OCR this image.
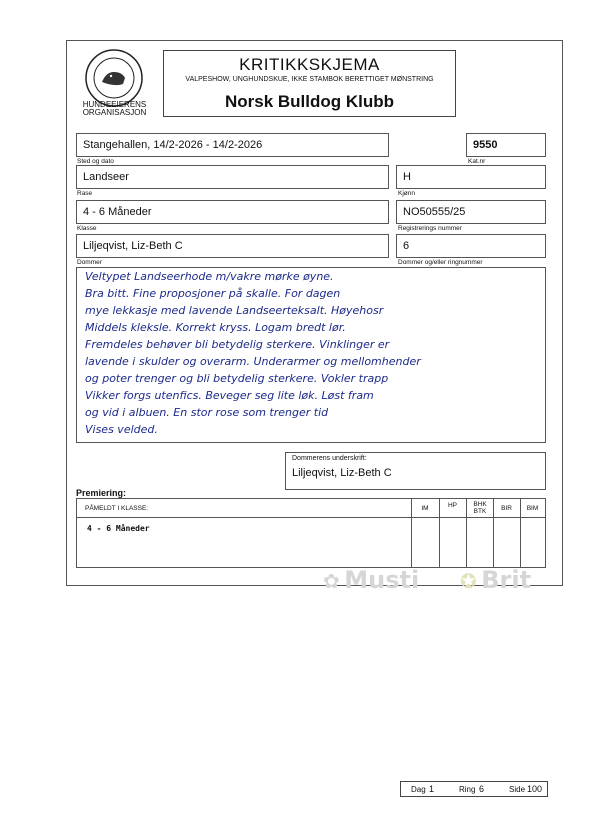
HUNDEEIERENS
ORGANISASJON
KRITIKKSKJEMA
VALPESHOW, UNGHUNDSKUE, IKKE STAMBOK BERETTIGET MØNSTRING
Norsk Bulldog Klubb
Stangehallen, 14/2-2026 - 14/2-2026
Sted og dato
9550
Kat.nr
Landseer
Rase
H
Kjønn
4 - 6 Måneder
Klasse
NO50555/25
Registrerings nummer
Liljeqvist, Liz-Beth C
Dommer
6
Dommer og/eller ringnummer
Veltypet Landseerhode m/vakre mørke øyne.
Bra bitt. Fine proposjoner på skalle. For dagen
mye lekkasje med lavende Landseerteksalt. Høyehosr
Middels kleksle. Korrekt kryss. Logam bredt lør.
Fremdeles behøver bli betydelig sterkere. Vinklinger er
lavende i skulder og overarm. Underarmer og mellomhender
og poter trenger og bli betydelig sterkere. Vokler trapp
Vikker forgs utenfics. Beveger seg lite løk. Løst fram
og vid i albuen. En stor rose som trenger tid
Vises velded.
Dommerens underskrift:
Liljeqvist, Liz-Beth C
Premiering:
PÅMELDT I KLASSE:	IM	HP	BHK BTK	BIR	BIM
4 - 6 Måneder
✿ Musti ✪ Brit
Dag 1	Ring 6	Side 100
